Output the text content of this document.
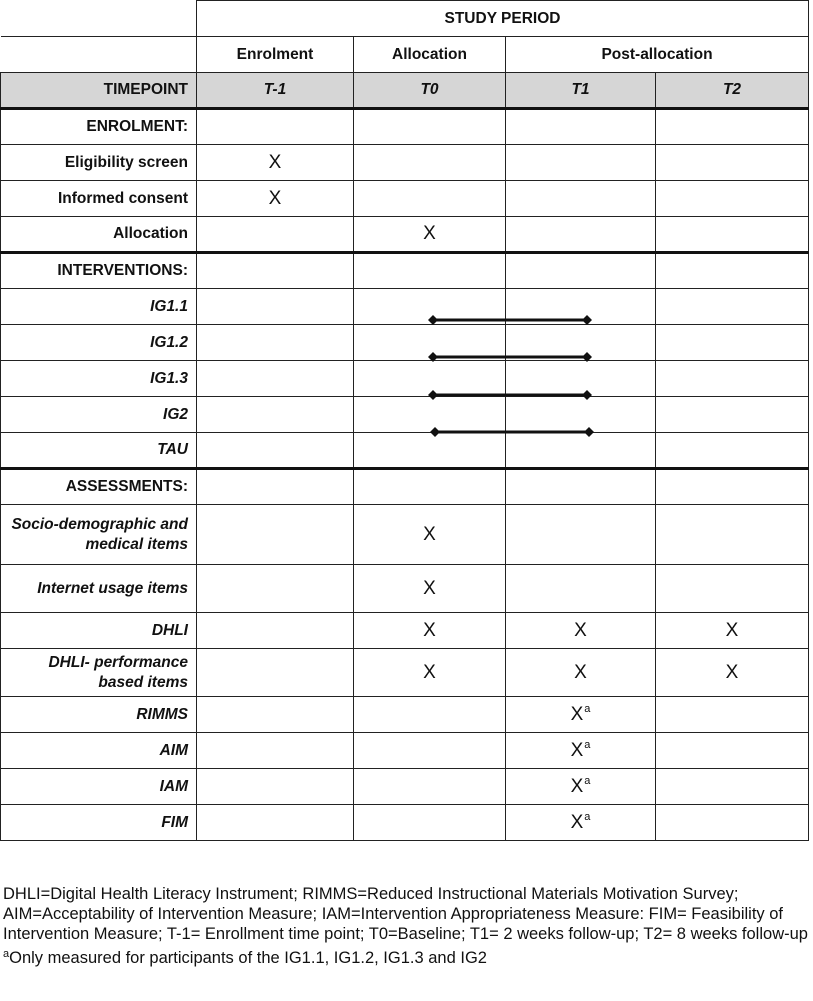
	STUDY PERIOD			
	Enrolment	Allocation	Post-allocation	
TIMEPOINT	T-1	T0	T1	T2
ENROLMENT:				
Eligibility screen	X			
Informed consent	X			
Allocation		X		
INTERVENTIONS:				
IG1.1				
IG1.2				
IG1.3				
IG2				
TAU				
ASSESSMENTS:				
Socio-demographic and medical items		X		
Internet usage items		X		
DHLI		X	X	X
DHLI- performance based items		X	X	X
RIMMS			$X^a$	
AIM			$X^a$	
IAM			$X^a$	
FIM			$X^a$	

DHLI=Digital Health Literacy Instrument; RIMMS=Reduced Instructional Materials Motivation Survey; AIM=Acceptability of Intervention Measure; IAM=Intervention Appropriateness Measure: FIM= Feasibility of Intervention Measure; T-1= Enrollment time point; T0=Baseline; T1= 2 weeks follow-up; T2= 8 weeks follow-up

$^a$Only measured for participants of the IG1.1, IG1.2, IG1.3 and IG2
